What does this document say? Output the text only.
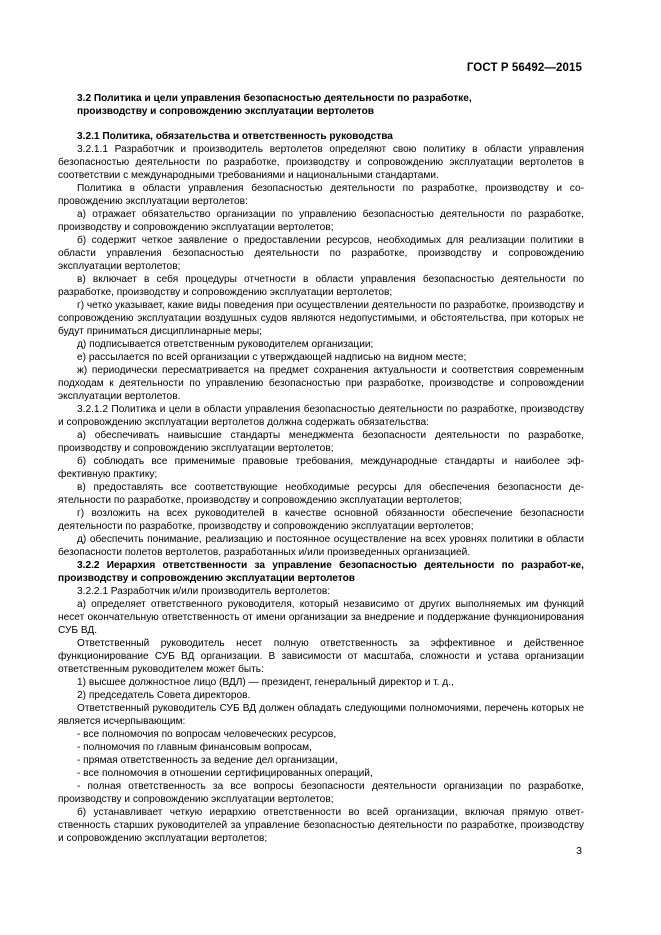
ГОСТ Р 56492—2015

3.2 Политика и цели управления безопасностью деятельности по разработке,
производству и сопровождению эксплуатации вертолетов

3.2.1 Политика, обязательства и ответственность руководства

3.2.1.1 Разработчик и производитель вертолетов определяют свою политику в области управления безопасностью деятельности по разработке, производству и сопровождению эксплуатации вертолетов в соответствии с международными требованиями и национальными стандартами.

Политика в области управления безопасностью деятельности по разработке, производству и сопровождению эксплуатации вертолетов:

а) отражает обязательство организации по управлению безопасностью деятельности по разработке, производству и сопровождению эксплуатации вертолетов;

б) содержит четкое заявление о предоставлении ресурсов, необходимых для реализации политики в области управления безопасностью деятельности по разработке, производству и сопровождению эксплуатации вертолетов;

в) включает в себя процедуры отчетности в области управления безопасностью деятельности по разработке, производству и сопровождению эксплуатации вертолетов;

г) четко указывает, какие виды поведения при осуществлении деятельности по разработке, производству и сопровождению эксплуатации воздушных судов являются недопустимыми, и обстоятельства, при которых не будут приниматься дисциплинарные меры;

д) подписывается ответственным руководителем организации;

е) рассылается по всей организации с утверждающей надписью на видном месте;

ж) периодически пересматривается на предмет сохранения актуальности и соответствия современным подходам к деятельности по управлению безопасностью при разработке, производстве и сопровождении эксплуатации вертолетов.

3.2.1.2 Политика и цели в области управления безопасностью деятельности по разработке, производству и сопровождению эксплуатации вертолетов должна содержать обязательства:

а) обеспечивать наивысшие стандарты менеджмента безопасности деятельности по разработке, производству и сопровождению эксплуатации вертолетов;

б) соблюдать все применимые правовые требования, международные стандарты и наиболее эффективную практику;

в) предоставлять все соответствующие необходимые ресурсы для обеспечения безопасности деятельности по разработке, производству и сопровождению эксплуатации вертолетов;

г) возложить на всех руководителей в качестве основной обязанности обеспечение безопасности деятельности по разработке, производству и сопровождению эксплуатации вертолетов;

д) обеспечить понимание, реализацию и постоянное осуществление на всех уровнях политики в области безопасности полетов вертолетов, разработанных и/или произведенных организацией.

3.2.2 Иерархия ответственности за управление безопасностью деятельности по разработ-ке, производству и сопровождению эксплуатации вертолетов

3.2.2.1 Разработчик и/или производитель вертолетов:

а) определяет ответственного руководителя, который независимо от других выполняемых им функций несет окончательную ответственность от имени организации за внедрение и поддержание функционирования СУБ ВД.

Ответственный руководитель несет полную ответственность за эффективное и действенное функционирование СУБ ВД организации. В зависимости от масштаба, сложности и устава организации ответственным руководителем может быть:

1) высшее должностное лицо (ВДЛ) — президент, генеральный директор и т. д.,

2) председатель Совета директоров.

Ответственный руководитель СУБ ВД должен обладать следующими полномочиями, перечень которых не является исчерпывающим:

- все полномочия по вопросам человеческих ресурсов,

- полномочия по главным финансовым вопросам,

- прямая ответственность за ведение дел организации,

- все полномочия в отношении сертифицированных операций,

- полная ответственность за все вопросы безопасности деятельности организации по разработке, производству и сопровождению эксплуатации вертолетов;

б) устанавливает четкую иерархию ответственности во всей организации, включая прямую ответственность старших руководителей за управление безопасностью деятельности по разработке, производству и сопровождению эксплуатации вертолетов;

3
